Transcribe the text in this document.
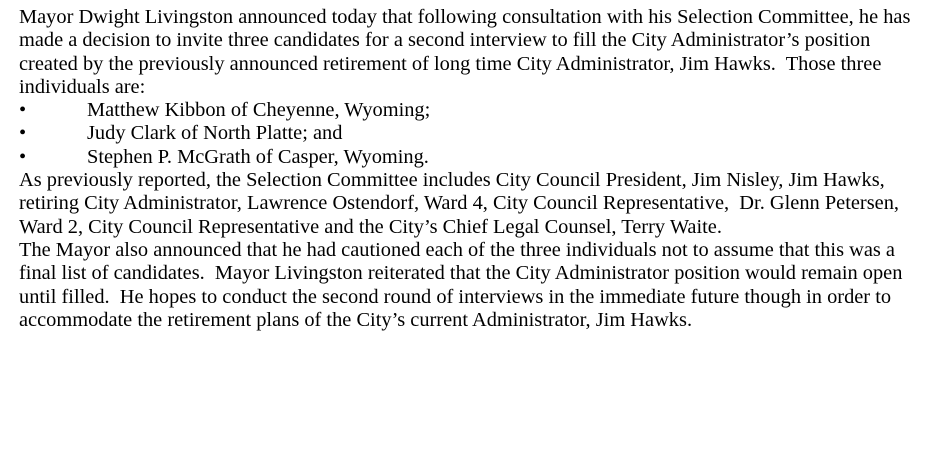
Mayor Dwight Livingston announced today that following consultation with his Selection Committee, he has made a decision to invite three candidates for a second interview to fill the City Administrator’s position created by the previously announced retirement of long time City Administrator, Jim Hawks.  Those three individuals are:

•	Matthew Kibbon of Cheyenne, Wyoming;
•	Judy Clark of North Platte; and
•	Stephen P. McGrath of Casper, Wyoming.

As previously reported, the Selection Committee includes City Council President, Jim Nisley, Jim Hawks, retiring City Administrator, Lawrence Ostendorf, Ward 4, City Council Representative,  Dr. Glenn Petersen, Ward 2, City Council Representative and the City’s Chief Legal Counsel, Terry Waite.

The Mayor also announced that he had cautioned each of the three individuals not to assume that this was a final list of candidates.  Mayor Livingston reiterated that the City Administrator position would remain open until filled.  He hopes to conduct the second round of interviews in the immediate future though in order to accommodate the retirement plans of the City’s current Administrator, Jim Hawks.
